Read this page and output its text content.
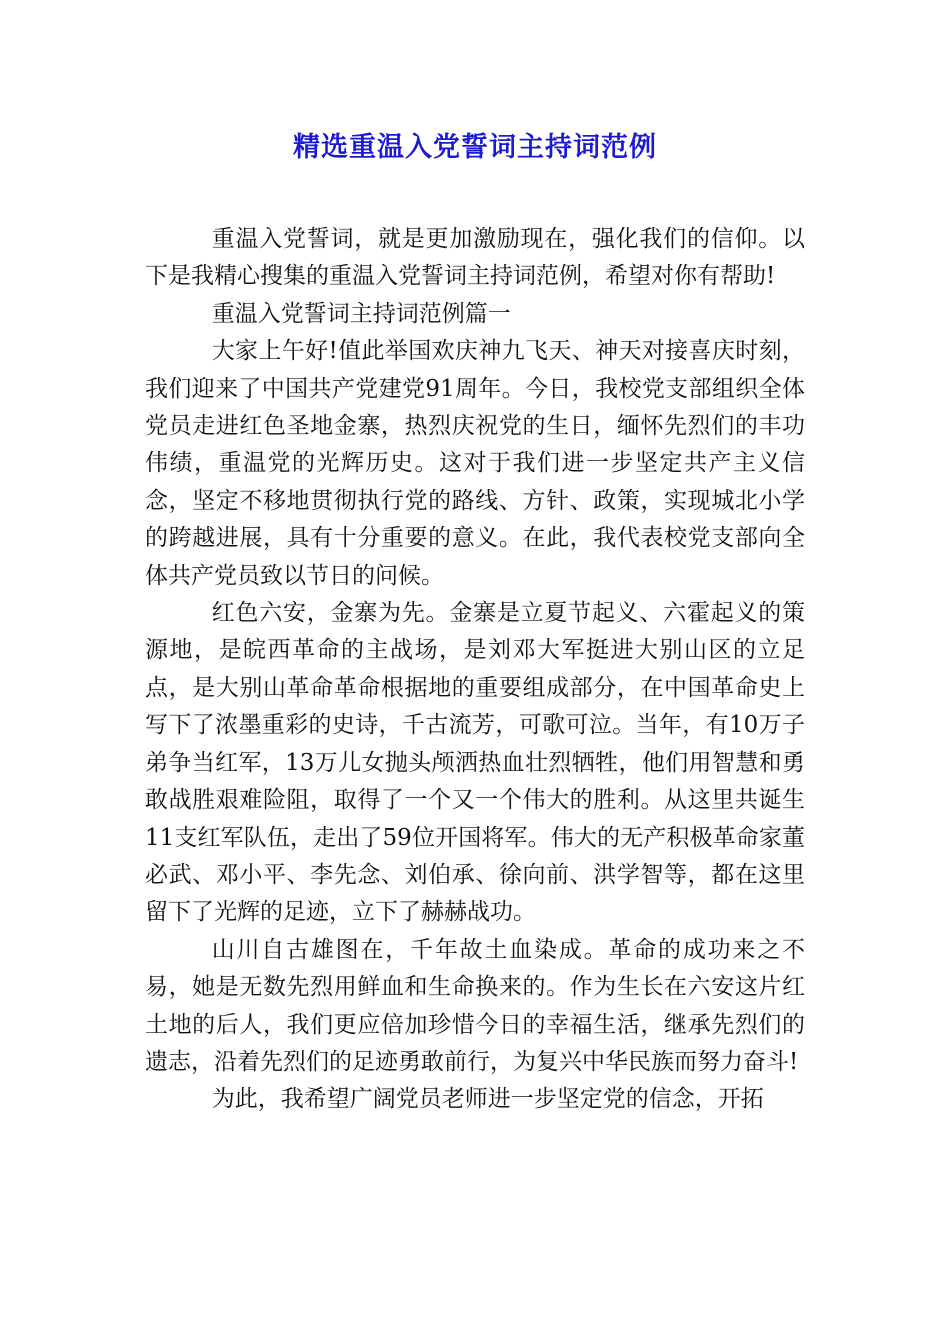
精选重温入党誓词主持词范例

重温入党誓词，就是更加激励现在，强化我们的信仰。以下是我精心搜集的重温入党誓词主持词范例，希望对你有帮助!

重温入党誓词主持词范例篇一

大家上午好!值此举国欢庆神九飞天、神天对接喜庆时刻，我们迎来了中国共产党建党91周年。今日，我校党支部组织全体党员走进红色圣地金寨，热烈庆祝党的生日，缅怀先烈们的丰功伟绩，重温党的光辉历史。这对于我们进一步坚定共产主义信念，坚定不移地贯彻执行党的路线、方针、政策，实现城北小学的跨越进展，具有十分重要的意义。在此，我代表校党支部向全体共产党员致以节日的问候。

红色六安，金寨为先。金寨是立夏节起义、六霍起义的策源地，是皖西革命的主战场，是刘邓大军挺进大别山区的立足点，是大别山革命革命根据地的重要组成部分，在中国革命史上写下了浓墨重彩的史诗，千古流芳，可歌可泣。当年，有10万子弟争当红军，13万儿女抛头颅洒热血壮烈牺牲，他们用智慧和勇敢战胜艰难险阻，取得了一个又一个伟大的胜利。从这里共诞生11支红军队伍，走出了59位开国将军。伟大的无产积极革命家董必武、邓小平、李先念、刘伯承、徐向前、洪学智等，都在这里留下了光辉的足迹，立下了赫赫战功。

山川自古雄图在，千年故土血染成。革命的成功来之不易，她是无数先烈用鲜血和生命换来的。作为生长在六安这片红土地的后人，我们更应倍加珍惜今日的幸福生活，继承先烈们的遗志，沿着先烈们的足迹勇敢前行，为复兴中华民族而努力奋斗!

为此，我希望广阔党员老师进一步坚定党的信念，开拓
